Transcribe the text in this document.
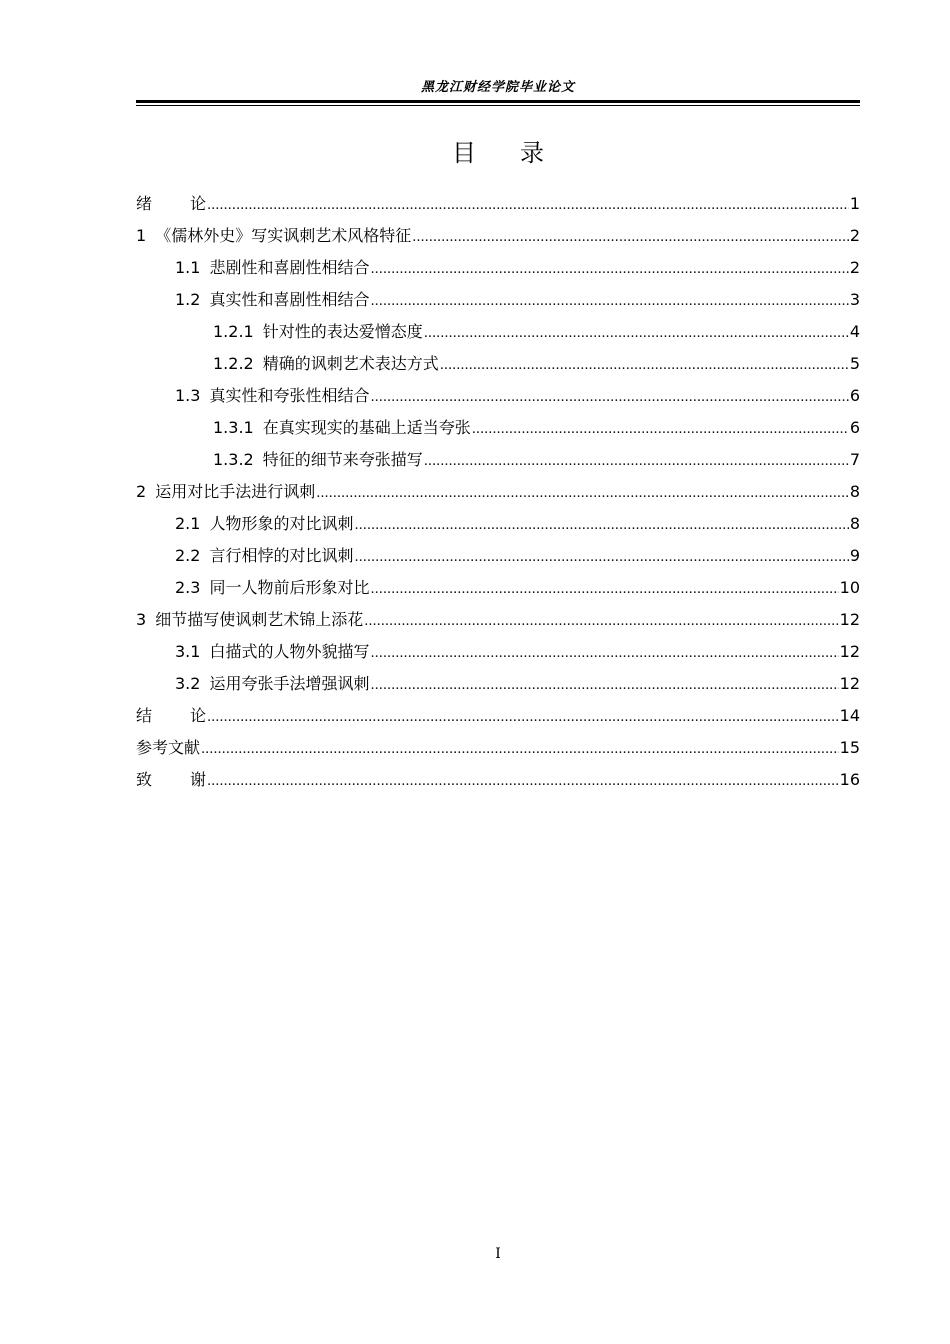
黑龙江财经学院毕业论文
目录
绪论 .....	1
1 《儒林外史》写实讽刺艺术风格特征 .....	2
1.1 悲剧性和喜剧性相结合 .....	2
1.2 真实性和喜剧性相结合 .....	3
1.2.1 针对性的表达爱憎态度 .....	4
1.2.2 精确的讽刺艺术表达方式 .....	5
1.3 真实性和夸张性相结合 .....	6
1.3.1 在真实现实的基础上适当夸张 .....	6
1.3.2 特征的细节来夸张描写 .....	7
2 运用对比手法进行讽刺 .....	8
2.1 人物形象的对比讽刺 .....	8
2.2 言行相悖的对比讽刺 .....	9
2.3 同一人物前后形象对比 .....	10
3 细节描写使讽刺艺术锦上添花 .....	12
3.1 白描式的人物外貌描写 .....	12
3.2 运用夸张手法增强讽刺 .....	12
结论 .....	14
参考文献 .....	15
致谢 .....	16
I
